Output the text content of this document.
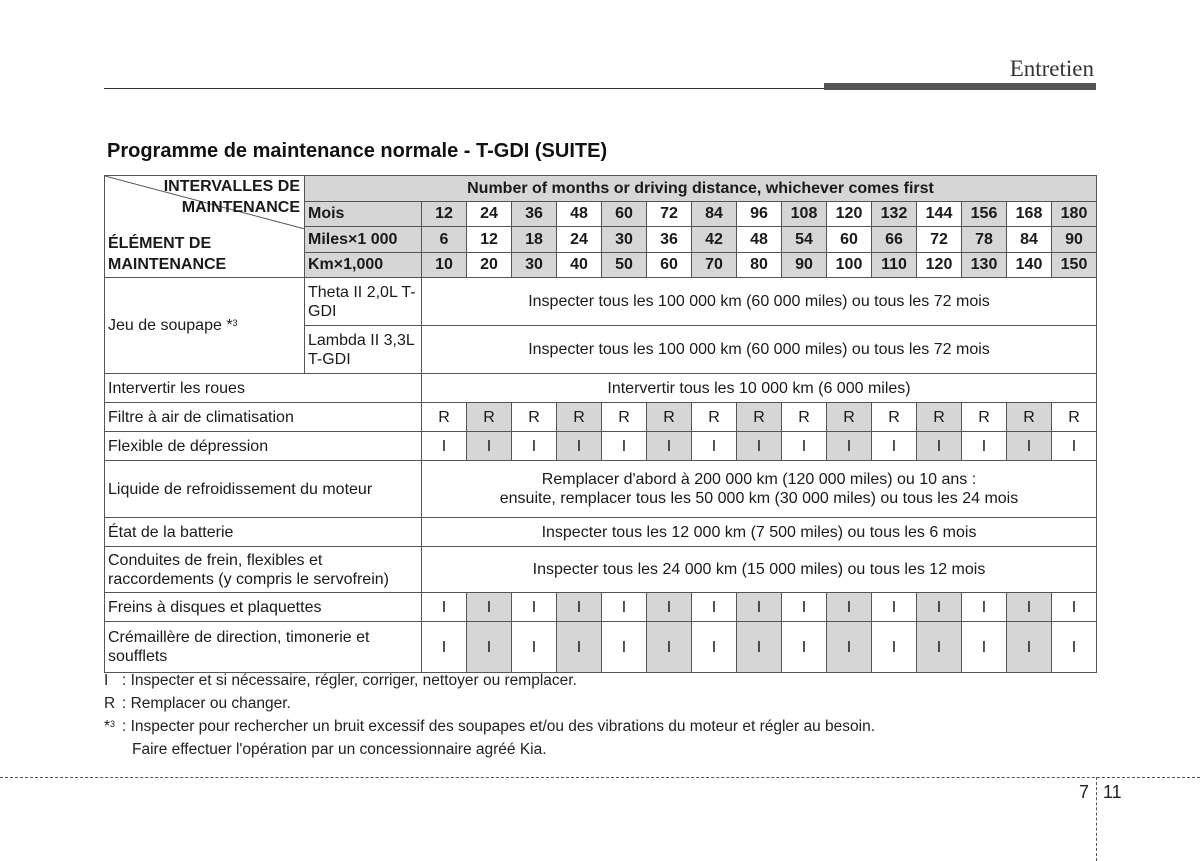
Entretien
Programme de maintenance normale - T-GDI (SUITE)
INTERVALLES DE
MAINTENANCE
ÉLÉMENT DE
MAINTENANCE	Number of months or driving distance, whichever comes first															
	Mois	12	24	36	48	60	72	84	96	108	120	132	144	156	168	180
	Miles×1 000	6	12	18	24	30	36	42	48	54	60	66	72	78	84	90
	Km×1,000	10	20	30	40	50	60	70	80	90	100	110	120	130	140	150
Jeu de soupape *$^3$	Theta II 2,0L T-GDI	Inspecter tous les 100 000 km (60 000 miles) ou tous les 72 mois														
	Lambda II 3,3L T-GDI	Inspecter tous les 100 000 km (60 000 miles) ou tous les 72 mois														
Intervertir les roues		Intervertir tous les 10 000 km (6 000 miles)														

Filtre à air de climatisation		R	R	R	R	R	R	R	R	R	R	R	R	R	R	R
Flexible de dépression		I	I	I	I	I	I	I	I	I	I	I	I	I	I	I
Liquide de refroidissement du moteur		Remplacer d'abord à 200 000 km (120 000 miles) ou 10 ans :
ensuite, remplacer tous les 50 000 km (30 000 miles) ou tous les 24 mois														

État de la batterie		Inspecter tous les 12 000 km (7 500 miles) ou tous les 6 mois														

Conduites de frein, flexibles et raccordements (y compris le servofrein)		Inspecter tous les 24 000 km (15 000 miles) ou tous les 12 mois														

Freins à disques et plaquettes		I	I	I	I	I	I	I	I	I	I	I	I	I	I	I
Crémaillère de direction, timonerie et soufflets		I	I	I	I	I	I	I	I	I	I	I	I	I	I	I
I : Inspecter et si nécessaire, régler, corriger, nettoyer ou remplacer.
R : Remplacer ou changer.
*$^3$ : Inspecter pour rechercher un bruit excessif des soupapes et/ou des vibrations du moteur et régler au besoin.
Faire effectuer l'opération par un concessionnaire agréé Kia.
7 11
